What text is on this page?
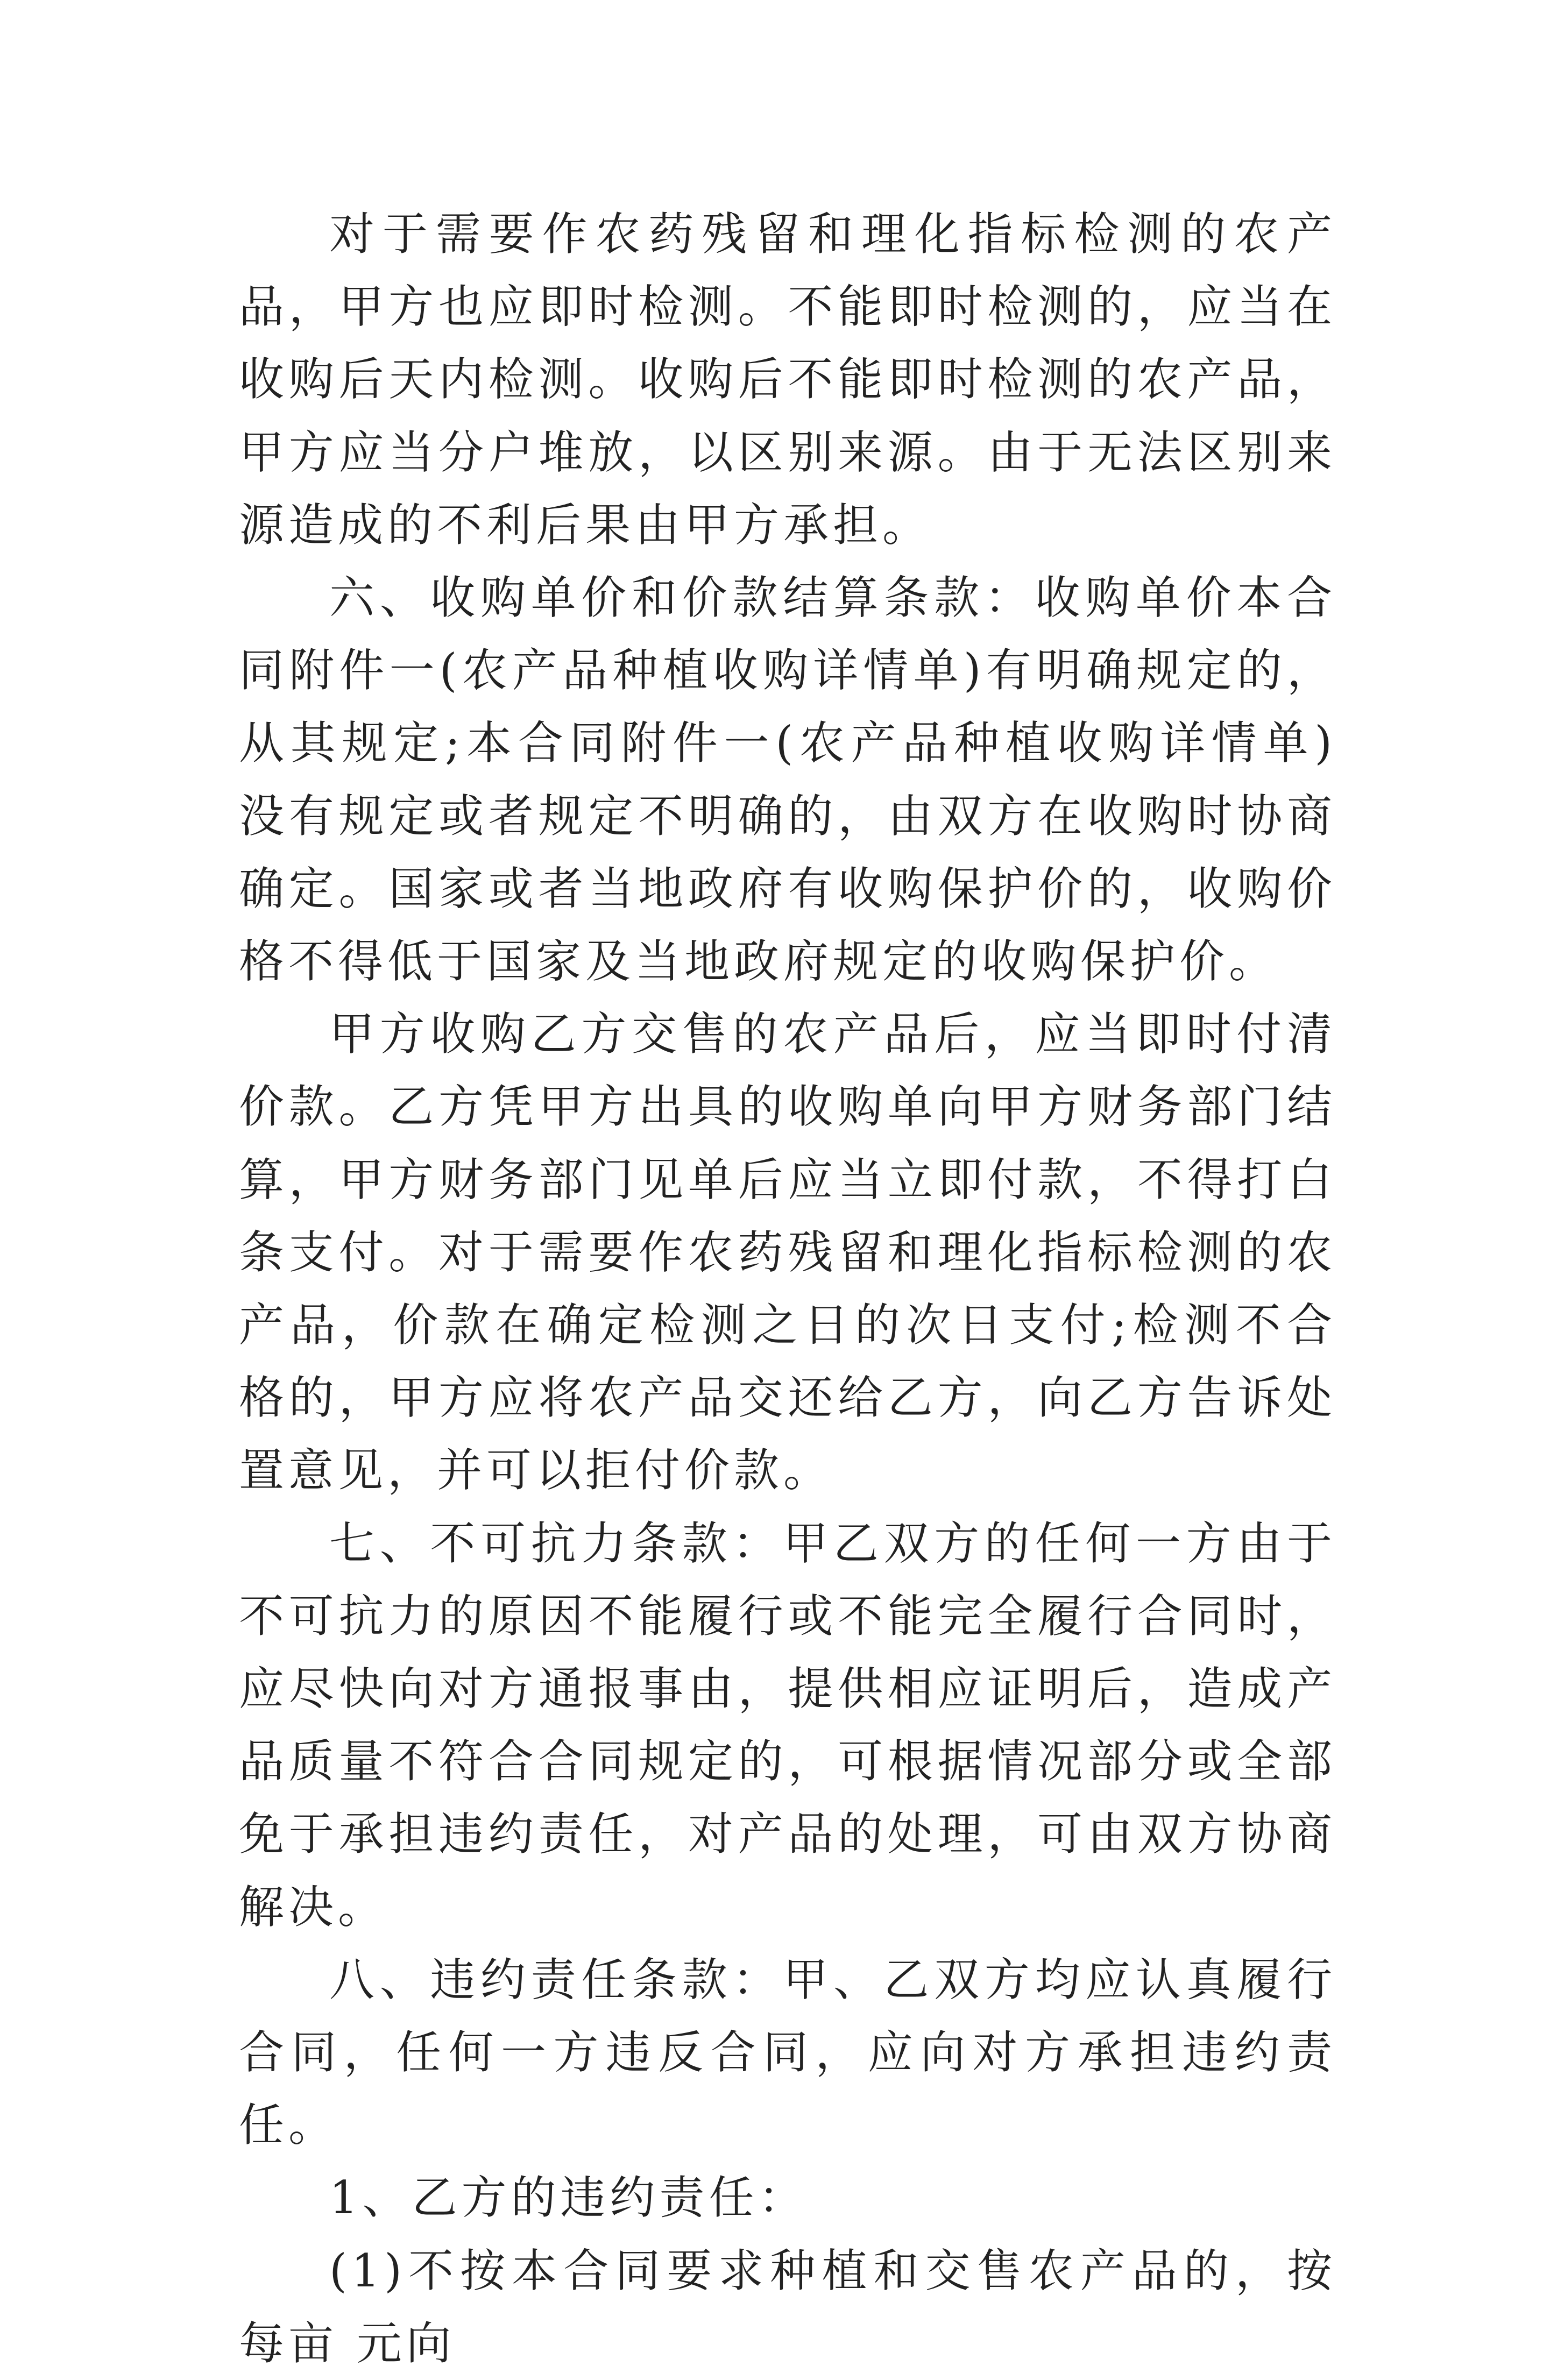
对于需要作农药残留和理化指标检测的农产品，甲方也应即时检测。不能即时检测的，应当在收购后天内检测。收购后不能即时检测的农产品，甲方应当分户堆放，以区别来源。由于无法区别来源造成的不利后果由甲方承担。

六、收购单价和价款结算条款：收购单价本合同附件一(农产品种植收购详情单)有明确规定的，从其规定;本合同附件一(农产品种植收购详情单)没有规定或者规定不明确的，由双方在收购时协商确定。国家或者当地政府有收购保护价的，收购价格不得低于国家及当地政府规定的收购保护价。

甲方收购乙方交售的农产品后，应当即时付清价款。乙方凭甲方出具的收购单向甲方财务部门结算，甲方财务部门见单后应当立即付款，不得打白条支付。对于需要作农药残留和理化指标检测的农产品，价款在确定检测之日的次日支付;检测不合格的，甲方应将农产品交还给乙方，向乙方告诉处置意见，并可以拒付价款。

七、不可抗力条款：甲乙双方的任何一方由于不可抗力的原因不能履行或不能完全履行合同时，应尽快向对方通报事由，提供相应证明后，造成产品质量不符合合同规定的，可根据情况部分或全部免于承担违约责任，对产品的处理，可由双方协商解决。

八、违约责任条款：甲、乙双方均应认真履行合同，任何一方违反合同，应向对方承担违约责任。

1、乙方的违约责任：

(1)不按本合同要求种植和交售农产品的，按每亩 元向
